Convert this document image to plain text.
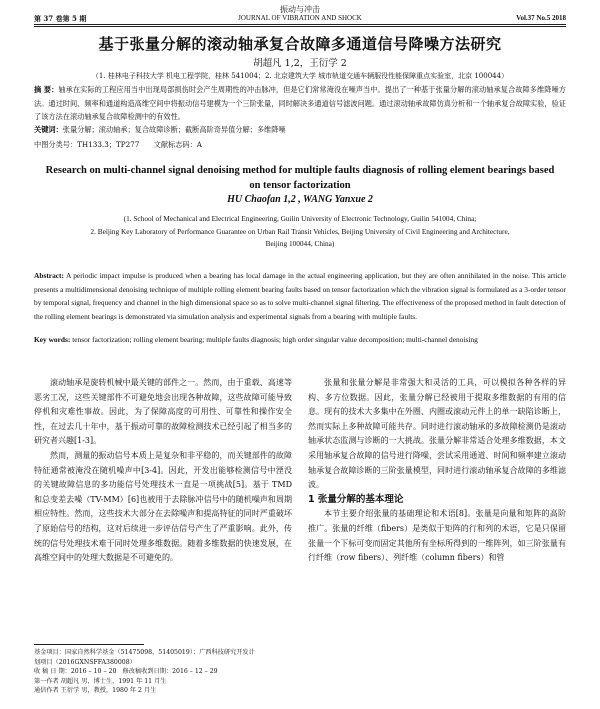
振动与冲击
第 37 卷第 5 期	JOURNAL OF VIBRATION AND SHOCK	Vol.37 No.5 2018
基于张量分解的滚动轴承复合故障多通道信号降噪方法研究
胡超凡 1,2，王衍学 2
（1. 桂林电子科技大学 机电工程学院，桂林 541004；2. 北京建筑大学 城市轨道交通车辆服役性能保障重点实验室，北京 100044）
摘 要：轴承在实际的工程应用当中出现局部损伤时会产生周期性的冲击脉冲，但是它们常常淹没在噪声当中。提出了一种基于张量分解的滚动轴承复合故障多维降噪方法。通过时间、频率和通道构造高维空间中将振动信号建模为一个三阶张量，同时解决多通道信号滤波问题。通过滚动轴承故障仿真分析和一个轴承复合故障实验，验证了该方法在滚动轴承复合故障检测中的有效性。
关键词：张量分解；滚动轴承；复合故障诊断；截断高阶奇异值分解；多维降噪
中图分类号：TH133.3；TP277　　文献标志码：A
Research on multi-channel signal denoising method for multiple faults diagnosis of rolling element bearings based on tensor factorization
HU Chaofan 1,2 , WANG Yanxue 2
(1. School of Mechanical and Electrical Engineering, Guilin University of Electronic Technology, Guilin 541004, China;
2. Beijing Key Laboratory of Performance Guarantee on Urban Rail Transit Vehicles, Beijing University of Civil Engineering and Architecture,
Beijing 100044, China)
Abstract: A periodic impact impulse is produced when a bearing has local damage in the actual engineering application, but they are often annihilated in the noise. This article presents a multidimensional denoising technique of multiple rolling element bearing faults based on tensor factorization which the vibration signal is formulated as a 3-order tensor by temporal signal, frequency and channel in the high dimensional space so as to solve multi-channel signal filtering. The effectiveness of the proposed method in fault detection of the rolling element bearings is demonstrated via simulation analysis and experimental signals from a bearing with multiple faults.
Key words: tensor factorization; rolling element bearing; multiple faults diagnosis; high order singular value decomposition; multi-channel denoising

滚动轴承是旋转机械中最关键的部件之一。然而，由于重载、高速等恶劣工况，这些关键部件不可避免地会出现各种故障，这些故障可能导致停机和灾难性事故。因此，为了保障高度的可用性、可靠性和操作安全性，在过去几十年中，基于振动可靠的故障检测技术已经引起了相当多的研究者兴趣[1-3]。

然而，测量的振动信号本质上是复杂和非平稳的，而关键部件的故障特征通常被淹没在随机噪声中[3-4]。因此，开发出能够检测信号中湮没的关键故障信息的多功能信号处理技术一直是一项挑战[5]。基于 TMD 和总变差去噪（TV-MM）[6]也被用于去除脉冲信号中的随机噪声和周期相应特性。然而，这些技术大部分在去除噪声和提高特征的同时严重破坏了原始信号的结构，这对后续进一步评估信号产生了严重影响。此外，传统的信号处理技术难于同时处理多维数据。随着多维数据的快速发展，在高维空间中的处理大数据是不可避免的。

张量和张量分解是非常强大和灵活的工具，可以模拟各种各样的异构、多方位数据。因此，张量分解已经被用于提取多维数据的有用的信息。现有的技术大多集中在外圈、内圈或滚动元件上的单一缺陷诊断上，然而实际上多种故障可能共存。同时进行滚动轴承的多故障检测仍是滚动轴承状态监测与诊断的一大挑战。张量分解非常适合处理多维数据，本文采用轴承复合故障的信号进行降噪，尝试采用通道、时间和频率建立滚动轴承复合故障诊断的三阶张量模型，同时进行滚动轴承复合故障的多维滤波。

1 张量分解的基本理论

本节主要介绍张量的基础理论和术语[8]。张量是向量和矩阵的高阶推广。张量的纤维（fibers）是类似于矩阵的行和列的术语，它是只保留张量一个下标可变而固定其他所有坐标所得到的一维阵列，如三阶张量有行纤维（row fibers）、列纤维（column fibers）和管

基金项目：国家自然科学基金（51475098，51405019）；广西科技研究开发计
划项目（2016GXNSFFA380008）
收 稿 日 期：2016 – 10 – 20　修改稿收到日期：2016 – 12 – 29
第一作者 胡超凡 男，博士生，1991 年 11 月生
通信作者 王衍学 男，教授，1980 年 2 月生
